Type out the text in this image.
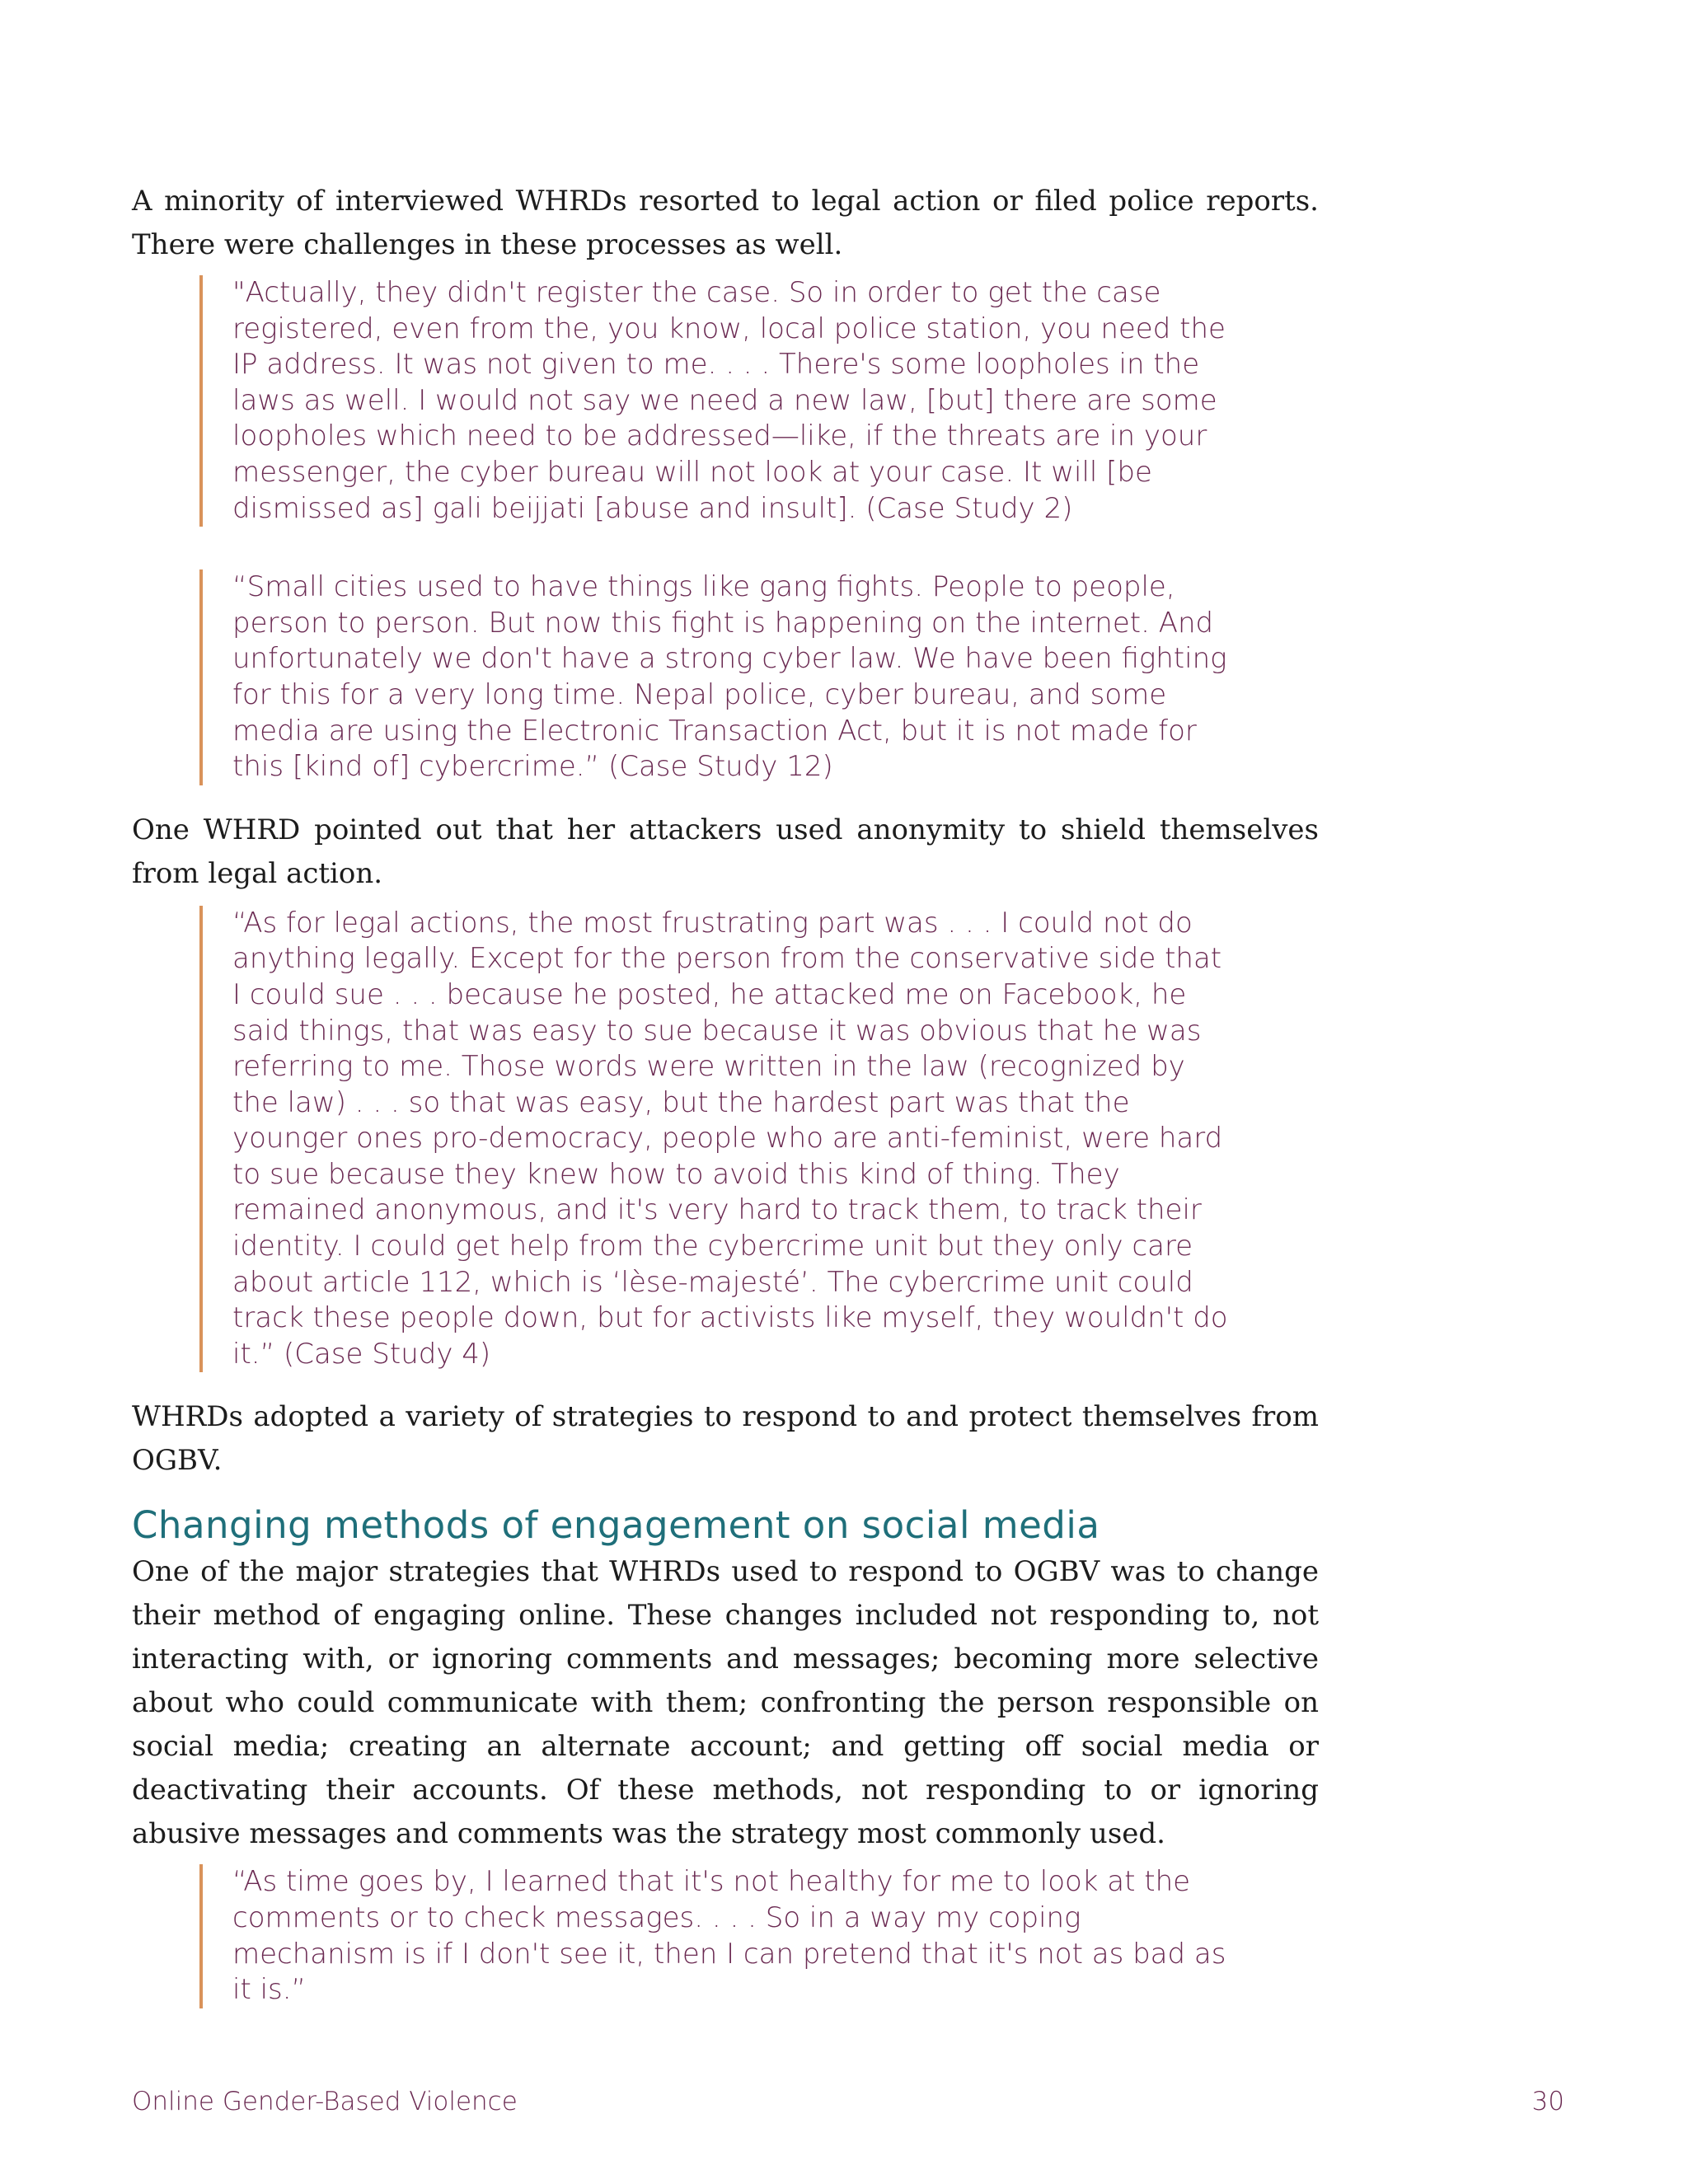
A minority of interviewed WHRDs resorted to legal action or filed police reports. There were challenges in these processes as well.

"Actually, they didn't register the case. So in order to get the case registered, even from the, you know, local police station, you need the IP address. It was not given to me. . . . There's some loopholes in the laws as well. I would not say we need a new law, [but] there are some loopholes which need to be addressed—like, if the threats are in your messenger, the cyber bureau will not look at your case. It will [be dismissed as] gali beijjati [abuse and insult]. (Case Study 2)

“Small cities used to have things like gang fights. People to people, person to person. But now this fight is happening on the internet. And unfortunately we don't have a strong cyber law. We have been fighting for this for a very long time. Nepal police, cyber bureau, and some media are using the Electronic Transaction Act, but it is not made for this [kind of] cybercrime.” (Case Study 12)

One WHRD pointed out that her attackers used anonymity to shield themselves from legal action.

“As for legal actions, the most frustrating part was . . . I could not do anything legally. Except for the person from the conservative side that I could sue . . . because he posted, he attacked me on Facebook, he said things, that was easy to sue because it was obvious that he was referring to me. Those words were written in the law (recognized by the law) . . . so that was easy, but the hardest part was that the younger ones pro-democracy, people who are anti-feminist, were hard to sue because they knew how to avoid this kind of thing. They remained anonymous, and it's very hard to track them, to track their identity. I could get help from the cybercrime unit but they only care about article 112, which is ‘lèse-majesté’. The cybercrime unit could track these people down, but for activists like myself, they wouldn't do it.” (Case Study 4)

WHRDs adopted a variety of strategies to respond to and protect themselves from OGBV.

Changing methods of engagement on social media

One of the major strategies that WHRDs used to respond to OGBV was to change their method of engaging online. These changes included not responding to, not interacting with, or ignoring comments and messages; becoming more selective about who could communicate with them; confronting the person responsible on social media; creating an alternate account; and getting off social media or deactivating their accounts. Of these methods, not responding to or ignoring abusive messages and comments was the strategy most commonly used.

“As time goes by, I learned that it's not healthy for me to look at the comments or to check messages. . . . So in a way my coping mechanism is if I don't see it, then I can pretend that it's not as bad as it is.”

Online Gender-Based Violence	30
